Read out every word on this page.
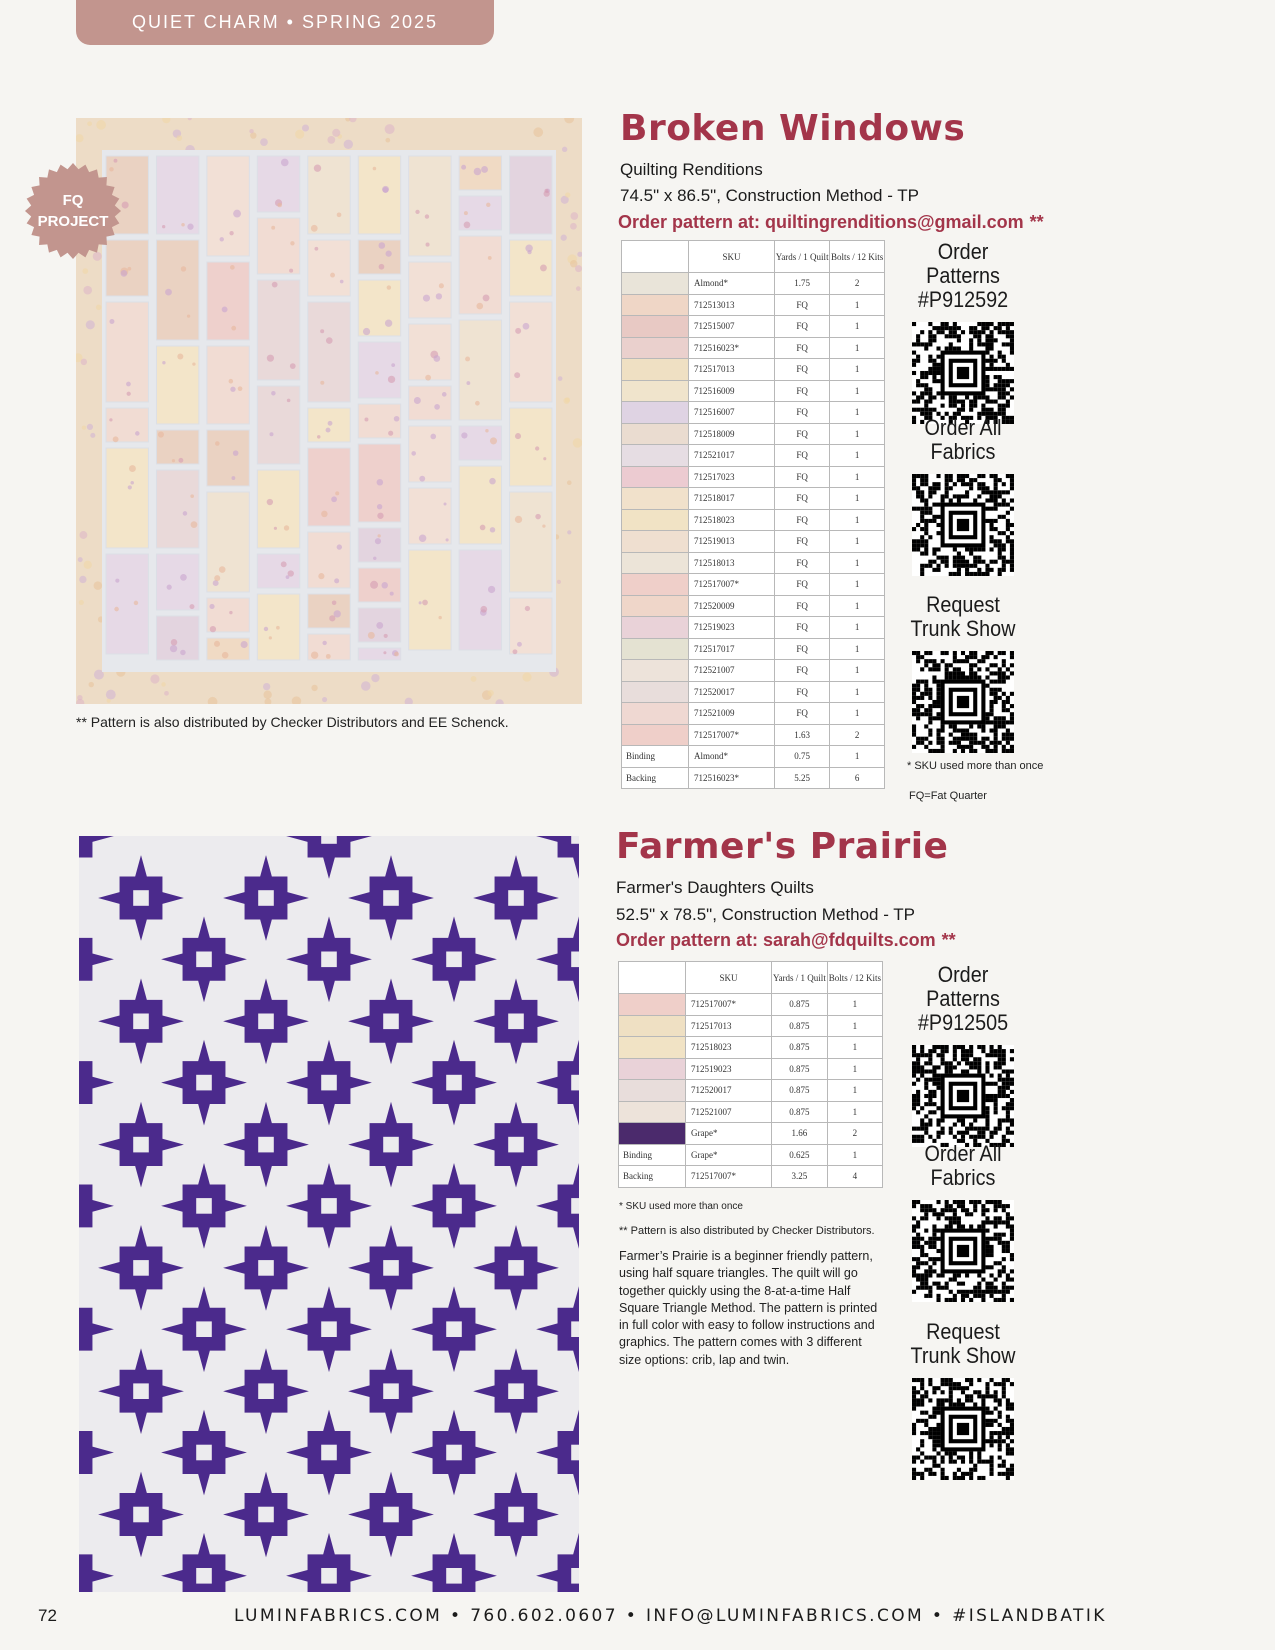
QUIET CHARM • SPRING 2025
FQ
PROJECT
Broken Windows
Quilting Renditions
74.5" x 86.5", Construction Method - TP
Order pattern at: quiltingrenditions@gmail.com **
	SKU	Yards / 1 Quilt	Bolts / 12 Kits
	Almond*	1.75	2
	712513013	FQ	1
	712515007	FQ	1
	712516023*	FQ	1
	712517013	FQ	1
	712516009	FQ	1
	712516007	FQ	1
	712518009	FQ	1
	712521017	FQ	1
	712517023	FQ	1
	712518017	FQ	1
	712518023	FQ	1
	712519013	FQ	1
	712518013	FQ	1
	712517007*	FQ	1
	712520009	FQ	1
	712519023	FQ	1
	712517017	FQ	1
	712521007	FQ	1
	712520017	FQ	1
	712521009	FQ	1
	712517007*	1.63	2
Binding	Almond*	0.75	1
Backing	712516023*	5.25	6
Order Patterns #P912592
Order All Fabrics
Request Trunk Show
* SKU used more than once
FQ=Fat Quarter
** Pattern is also distributed by Checker Distributors and EE Schenck.
Farmer's Prairie
Farmer's Daughters Quilts
52.5" x 78.5", Construction Method - TP
Order pattern at: sarah@fdquilts.com **
	SKU	Yards / 1 Quilt	Bolts / 12 Kits
	712517007*	0.875	1
	712517013	0.875	1
	712518023	0.875	1
	712519023	0.875	1
	712520017	0.875	1
	712521007	0.875	1
	Grape*	1.66	2
Binding	Grape*	0.625	1
Backing	712517007*	3.25	4
* SKU used more than once
** Pattern is also distributed by Checker Distributors.
Farmer’s Prairie is a beginner friendly pattern, using half square triangles. The quilt will go together quickly using the 8-at-a-time Half Square Triangle Method. The pattern is printed in full color with easy to follow instructions and graphics. The pattern comes with 3 different size options: crib, lap and twin.
Order Patterns #P912505
Order All Fabrics
Request Trunk Show
72	LUMINFABRICS.COM • 760.602.0607 • INFO@LUMINFABRICS.COM • #ISLANDBATIK
